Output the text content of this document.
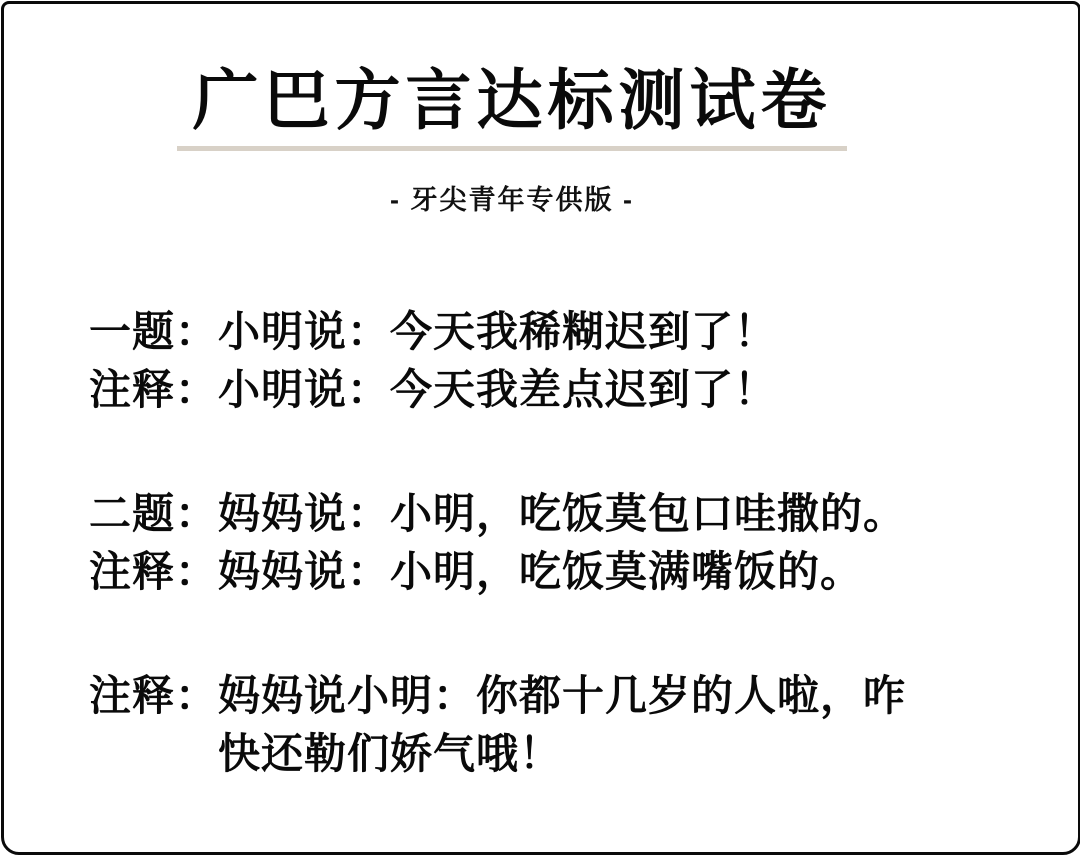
广巴方言达标测试卷
- 牙尖青年专供版 -

一题：小明说：今天我稀糊迟到了！

注释：小明说：今天我差点迟到了！

二题：妈妈说：小明，吃饭莫包口哇撒的。

注释：妈妈说：小明，吃饭莫满嘴饭的。

注释：妈妈说小明：你都十几岁的人啦，咋

快还勒们娇气哦！
